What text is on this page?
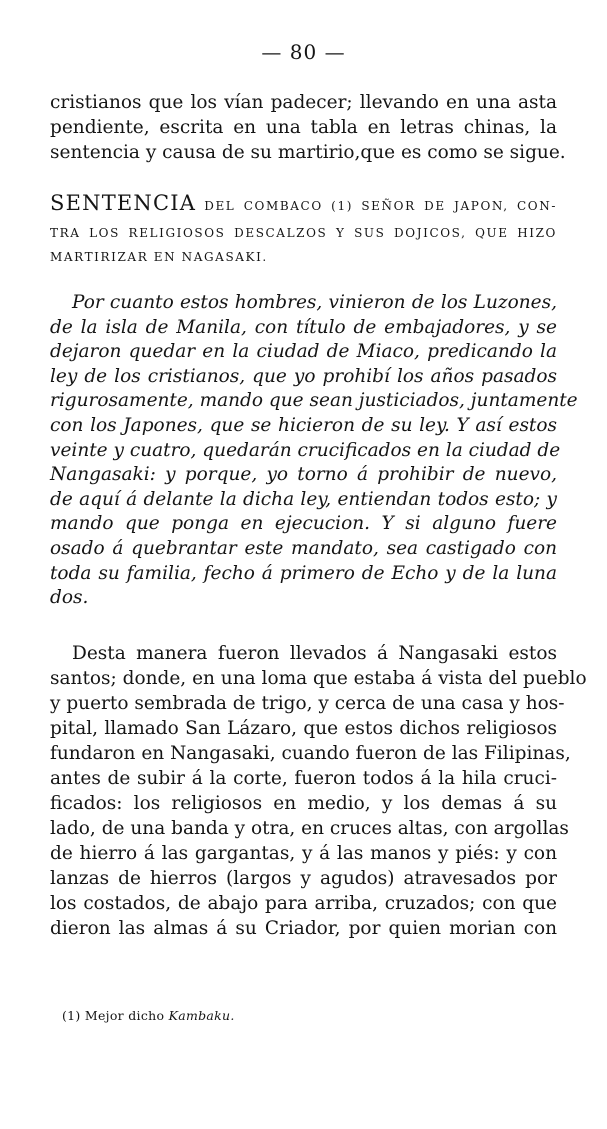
— 80 —
cristianos que los vían padecer; llevando en una asta
pendiente, escrita en una tabla en letras chinas, la
sentencia y causa de su martirio,que es como se sigue.
SENTENCIA DEL COMBACO (1) SEÑOR DE JAPON, CON-
TRA LOS RELIGIOSOS DESCALZOS Y SUS DOJICOS, QUE HIZO
MARTIRIZAR EN NAGASAKI.
Por cuanto estos hombres, vinieron de los Luzones,
de la isla de Manila, con título de embajadores, y se
dejaron quedar en la ciudad de Miaco, predicando la
ley de los cristianos, que yo prohibí los años pasados
rigurosamente, mando que sean justiciados, juntamente
con los Japones, que se hicieron de su ley. Y así estos
veinte y cuatro, quedarán crucificados en la ciudad de
Nangasaki: y porque, yo torno á prohibir de nuevo,
de aquí á delante la dicha ley, entiendan todos esto; y
mando que ponga en ejecucion. Y si alguno fuere
osado á quebrantar este mandato, sea castigado con
toda su familia, fecho á primero de Echo y de la luna
dos.
Desta manera fueron llevados á Nangasaki estos
santos; donde, en una loma que estaba á vista del pueblo
y puerto sembrada de trigo, y cerca de una casa y hos-
pital, llamado San Lázaro, que estos dichos religiosos
fundaron en Nangasaki, cuando fueron de las Filipinas,
antes de subir á la corte, fueron todos á la hila cruci-
ficados: los religiosos en medio, y los demas á su
lado, de una banda y otra, en cruces altas, con argollas
de hierro á las gargantas, y á las manos y piés: y con
lanzas de hierros (largos y agudos) atravesados por
los costados, de abajo para arriba, cruzados; con que
dieron las almas á su Criador, por quien morian con
(1) Mejor dicho Kambaku.
